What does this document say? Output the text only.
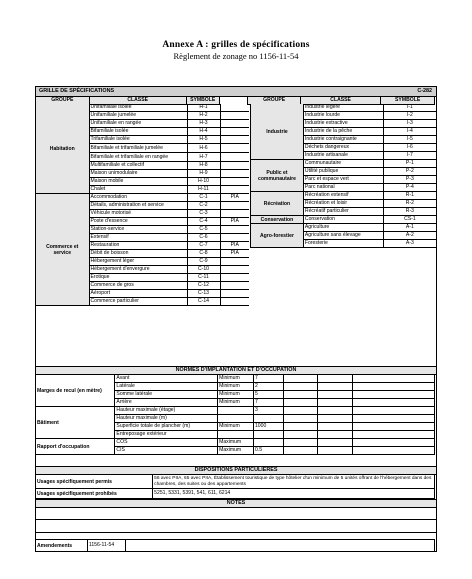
Annexe A : grilles de spécifications
Règlement de zonage no 1156-11-54
GRILLE DE SPÉCIFICATIONS	C-282
GROUPE	CLASSE	SYMBOLE		GROUPE	CLASSE	SYMBOLE
Habitation	Unifamiliale isolée	H-1	
	Unifamiliale jumelée	H-2	
	Unifamiliale en rangée	H-3	
	Bifamiliale isolée	H-4	
	Trifamiliale isolée	H-5	
	Bifamiliale et trifamiliale jumelée	H-6	
	Bifamiliale et trifamiliale en rangée	H-7	
	Multifamiliale et collectif	H-8	
	Maison unimodulaire	H-9	
	Maison mobile	H-10	
	Chalet	H-11	
Commerce et service	Accommodation	C-1	PIA
	Détails, administration et service	C-2	
	Véhicule motorisé	C-3	
	Poste d'essence	C-4	PIA
	Station-service	C-5	
	Extensif	C-6	
	Restauration	C-7	PIA
	Débit de boisson	C-8	PIA
	Hébergement léger	C-9	
	Hébergement d'envergure	C-10	
	Érotique	C-11	
	Commerce de gros	C-12	
	Aéroport	C-13	
	Commerce particulier	C-14	
Industrie	Industrie légère	I-1
	Industrie lourde	I-2
	Industrie extractive	I-3
	Industrie de la pêche	I-4
	Industrie contraignante	I-5
	Déchets dangereux	I-6
	Industrie artisanale	I-7
Public et communautaire	Communautaire	P-1
	Utilité publique	P-2
	Parc et espace vert	P-3
	Parc national	P-4
Récréation	Récréation extensif	R-1
	Récréation et loisir	R-2
	Récréatif particulier	R-3
Conservation	Conservation	CS-1
Agro-forestier	Agriculture	A-1
	Agriculture sans élevage	A-2
	Foresterie	A-3
NORMES D'IMPLANTATION ET D'OCCUPATION
Marges de recul (en mètre)	Avant	Minimum	7			
	Latérale	Minimum	2			
	Somme latérale	Minimum	5			
	Arrière	Minimum	7			
Bâtiment	Hauteur maximale (étage)		3			
	Hauteur maximale (m)					
	Superficie totale de plancher (m)	Minimum	1000			
	Entreposage extérieur					
Rapport d'occupation	COS	Maximum				
	CIS	Maximum	0.5			
DISPOSITIONS PARTICULIÈRES
Usages spécifiquement permis	56 avec PIIA, 65 avec PIIA, Établissement touristique de type hôtelier d'un minimum de 5 unités offrant de l'hébergement dans des chambres, des suites ou des appartements
Usages spécifiquement prohibés	5251, 5331, 5391, 541, 611, 6214
NOTES
Amendements	1156-11-54	
